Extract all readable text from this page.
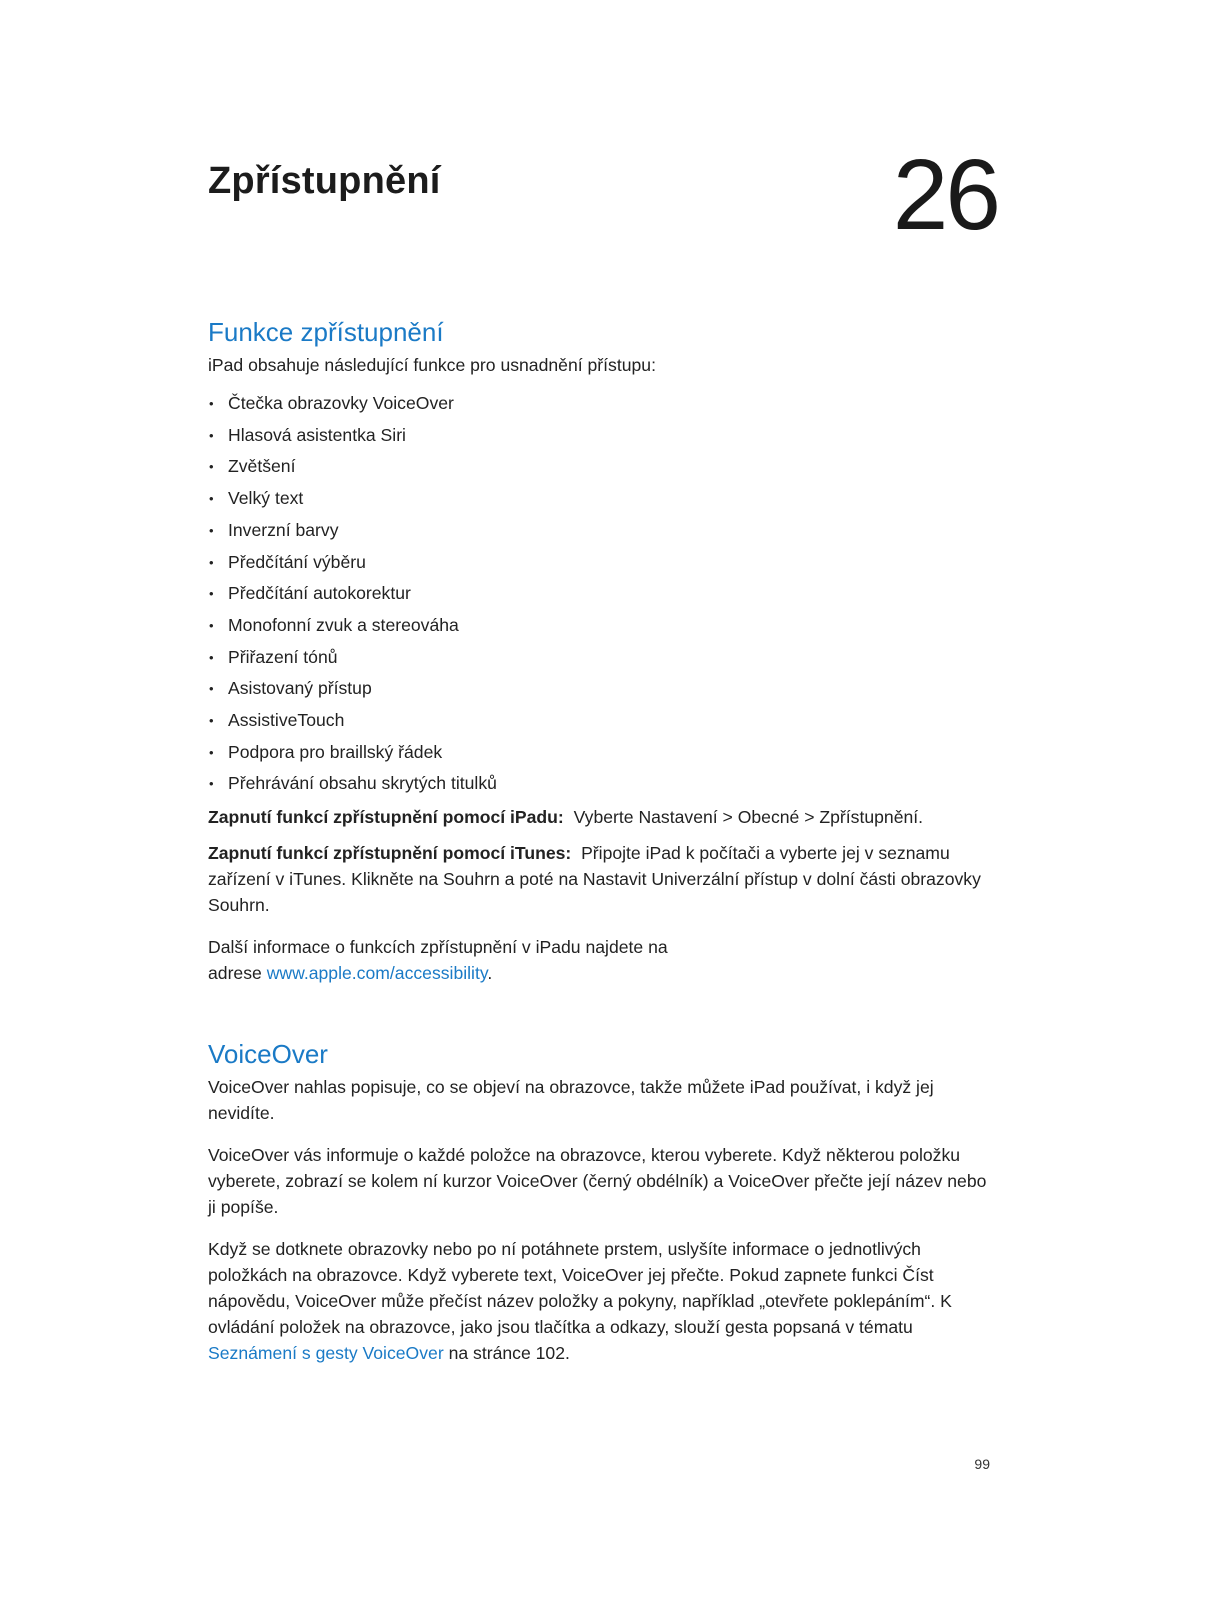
Zpřístupnění	26
Funkce zpřístupnění

iPad obsahuje následující funkce pro usnadnění přístupu:

• Čtečka obrazovky VoiceOver
• Hlasová asistentka Siri
• Zvětšení
• Velký text
• Inverzní barvy
• Předčítání výběru
• Předčítání autokorektur
• Monofonní zvuk a stereováha
• Přiřazení tónů
• Asistovaný přístup
• AssistiveTouch
• Podpora pro braillský řádek
• Přehrávání obsahu skrytých titulků

Zapnutí funkcí zpřístupnění pomocí iPadu: Vyberte Nastavení > Obecné > Zpřístupnění.

Zapnutí funkcí zpřístupnění pomocí iTunes: Připojte iPad k počítači a vyberte jej v seznamu zařízení v iTunes. Klikněte na Souhrn a poté na Nastavit Univerzální přístup v dolní části obrazovky Souhrn.

Další informace o funkcích zpřístupnění v iPadu najdete na
adrese www.apple.com/accessibility.

VoiceOver

VoiceOver nahlas popisuje, co se objeví na obrazovce, takže můžete iPad používat, i když jej nevidíte.

VoiceOver vás informuje o každé položce na obrazovce, kterou vyberete. Když některou položku vyberete, zobrazí se kolem ní kurzor VoiceOver (černý obdélník) a VoiceOver přečte její název nebo ji popíše.

Když se dotknete obrazovky nebo po ní potáhnete prstem, uslyšíte informace o jednotlivých položkách na obrazovce. Když vyberete text, VoiceOver jej přečte. Pokud zapnete funkci Číst nápovědu, VoiceOver může přečíst název položky a pokyny, například „otevřete poklepáním“. K ovládání položek na obrazovce, jako jsou tlačítka a odkazy, slouží gesta popsaná v tématu
Seznámení s gesty VoiceOver na stránce 102.

99
